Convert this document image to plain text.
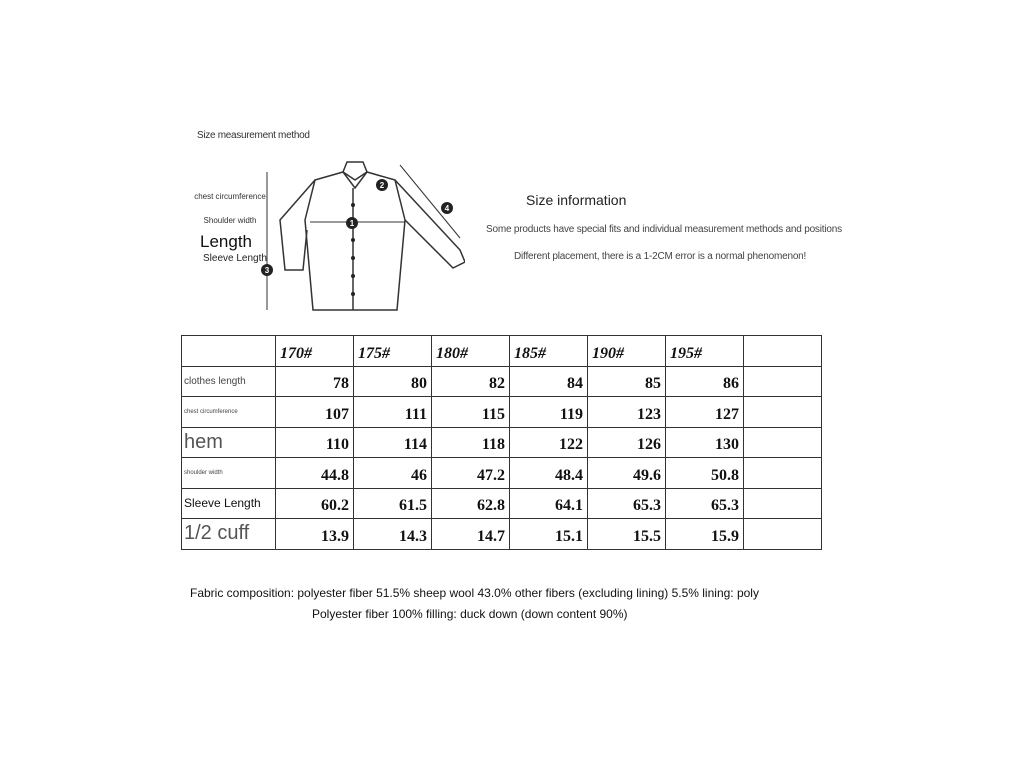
Size measurement method
1
2
3
4
chest circumference
Shoulder width
Length
Sleeve Length
Size information
Some products have special fits and individual measurement methods and positions
Different placement, there is a 1-2CM error is a normal phenomenon!
	170#	175#	180#	185#	190#	195#	
clothes length	78	80	82	84	85	86	
chest circumference	107	111	115	119	123	127	
hem	110	114	118	122	126	130	
shoulder width	44.8	46	47.2	48.4	49.6	50.8	
Sleeve Length	60.2	61.5	62.8	64.1	65.3	65.3	
1/2 cuff	13.9	14.3	14.7	15.1	15.5	15.9	
Fabric composition: polyester fiber 51.5% sheep wool 43.0% other fibers (excluding lining) 5.5% lining: poly
Polyester fiber 100% filling: duck down (down content 90%)
